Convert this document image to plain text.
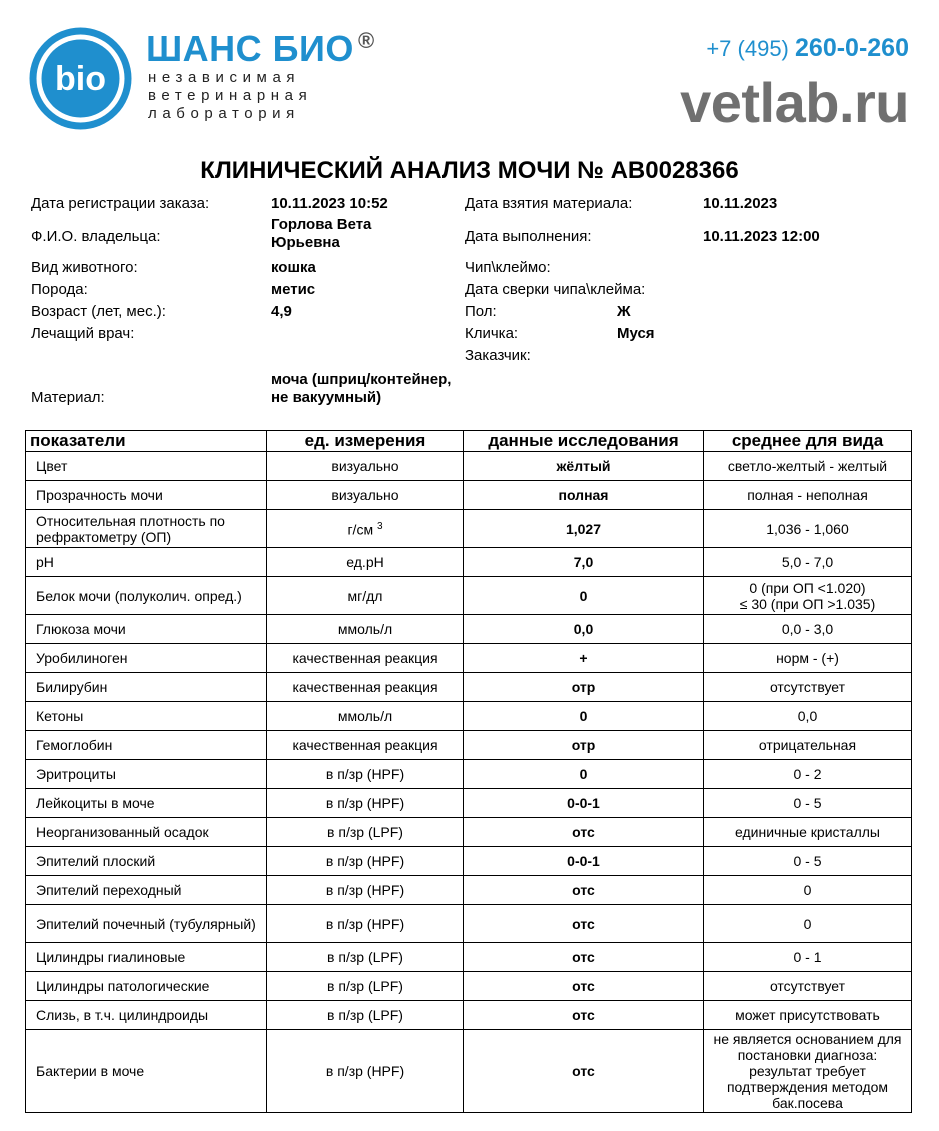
bio
ШАНС БИО ®
независимая
ветеринарная
лаборатория
+7 (495) 260-0-260
vetlab.ru
КЛИНИЧЕСКИЙ АНАЛИЗ МОЧИ № АВ0028366
Дата регистрации заказа:	10.11.2023 10:52
Ф.И.О. владельца:
Горлова Вета Юрьевна
Вид животного:	кошка
Порода:	метис
Возраст (лет, мес.):	4,9
Лечащий врач:
Материал:
моча (шприц/контейнер, не вакуумный)
Дата взятия материала:	10.11.2023
Дата выполнения:	10.11.2023 12:00
Чип\клеймо:
Дата сверки чипа\клейма:
Пол:	Ж
Кличка:	Муся
Заказчик:
показатели	ед. измерения	данные исследования	среднее для вида
Цвет	визуально	жёлтый	светло-желтый - желтый
Прозрачность мочи	визуально	полная	полная - неполная
Относительная плотность по рефрактометру (ОП)	г/см $^3$	1,027	1,036 - 1,060
pH	ед.pH	7,0	5,0 - 7,0
Белок мочи (полуколич. опред.)	мг/дл	0	0 (при ОП <1.020)
≤ 30 (при ОП >1.035)

Глюкоза мочи	ммоль/л	0,0	0,0 - 3,0
Уробилиноген	качественная реакция	+	норм - (+)
Билирубин	качественная реакция	отр	отсутствует
Кетоны	ммоль/л	0	0,0
Гемоглобин	качественная реакция	отр	отрицательная
Эритроциты	в п/зр (HPF)	0	0 - 2
Лейкоциты в моче	в п/зр (HPF)	0-0-1	0 - 5
Неорганизованный осадок	в п/зр (LPF)	отс	единичные кристаллы
Эпителий плоский	в п/зр (HPF)	0-0-1	0 - 5
Эпителий переходный	в п/зр (HPF)	отс	0
Эпителий почечный (тубулярный)	в п/зр (HPF)	отс	0
Цилиндры гиалиновые	в п/зр (LPF)	отс	0 - 1
Цилиндры патологические	в п/зр (LPF)	отс	отсутствует
Слизь, в т.ч. цилиндроиды	в п/зр (LPF)	отс	может присутствовать
Бактерии в моче	в п/зр (HPF)	отс	не является основанием для постановки диагноза: результат требует подтверждения методом бак.посева
